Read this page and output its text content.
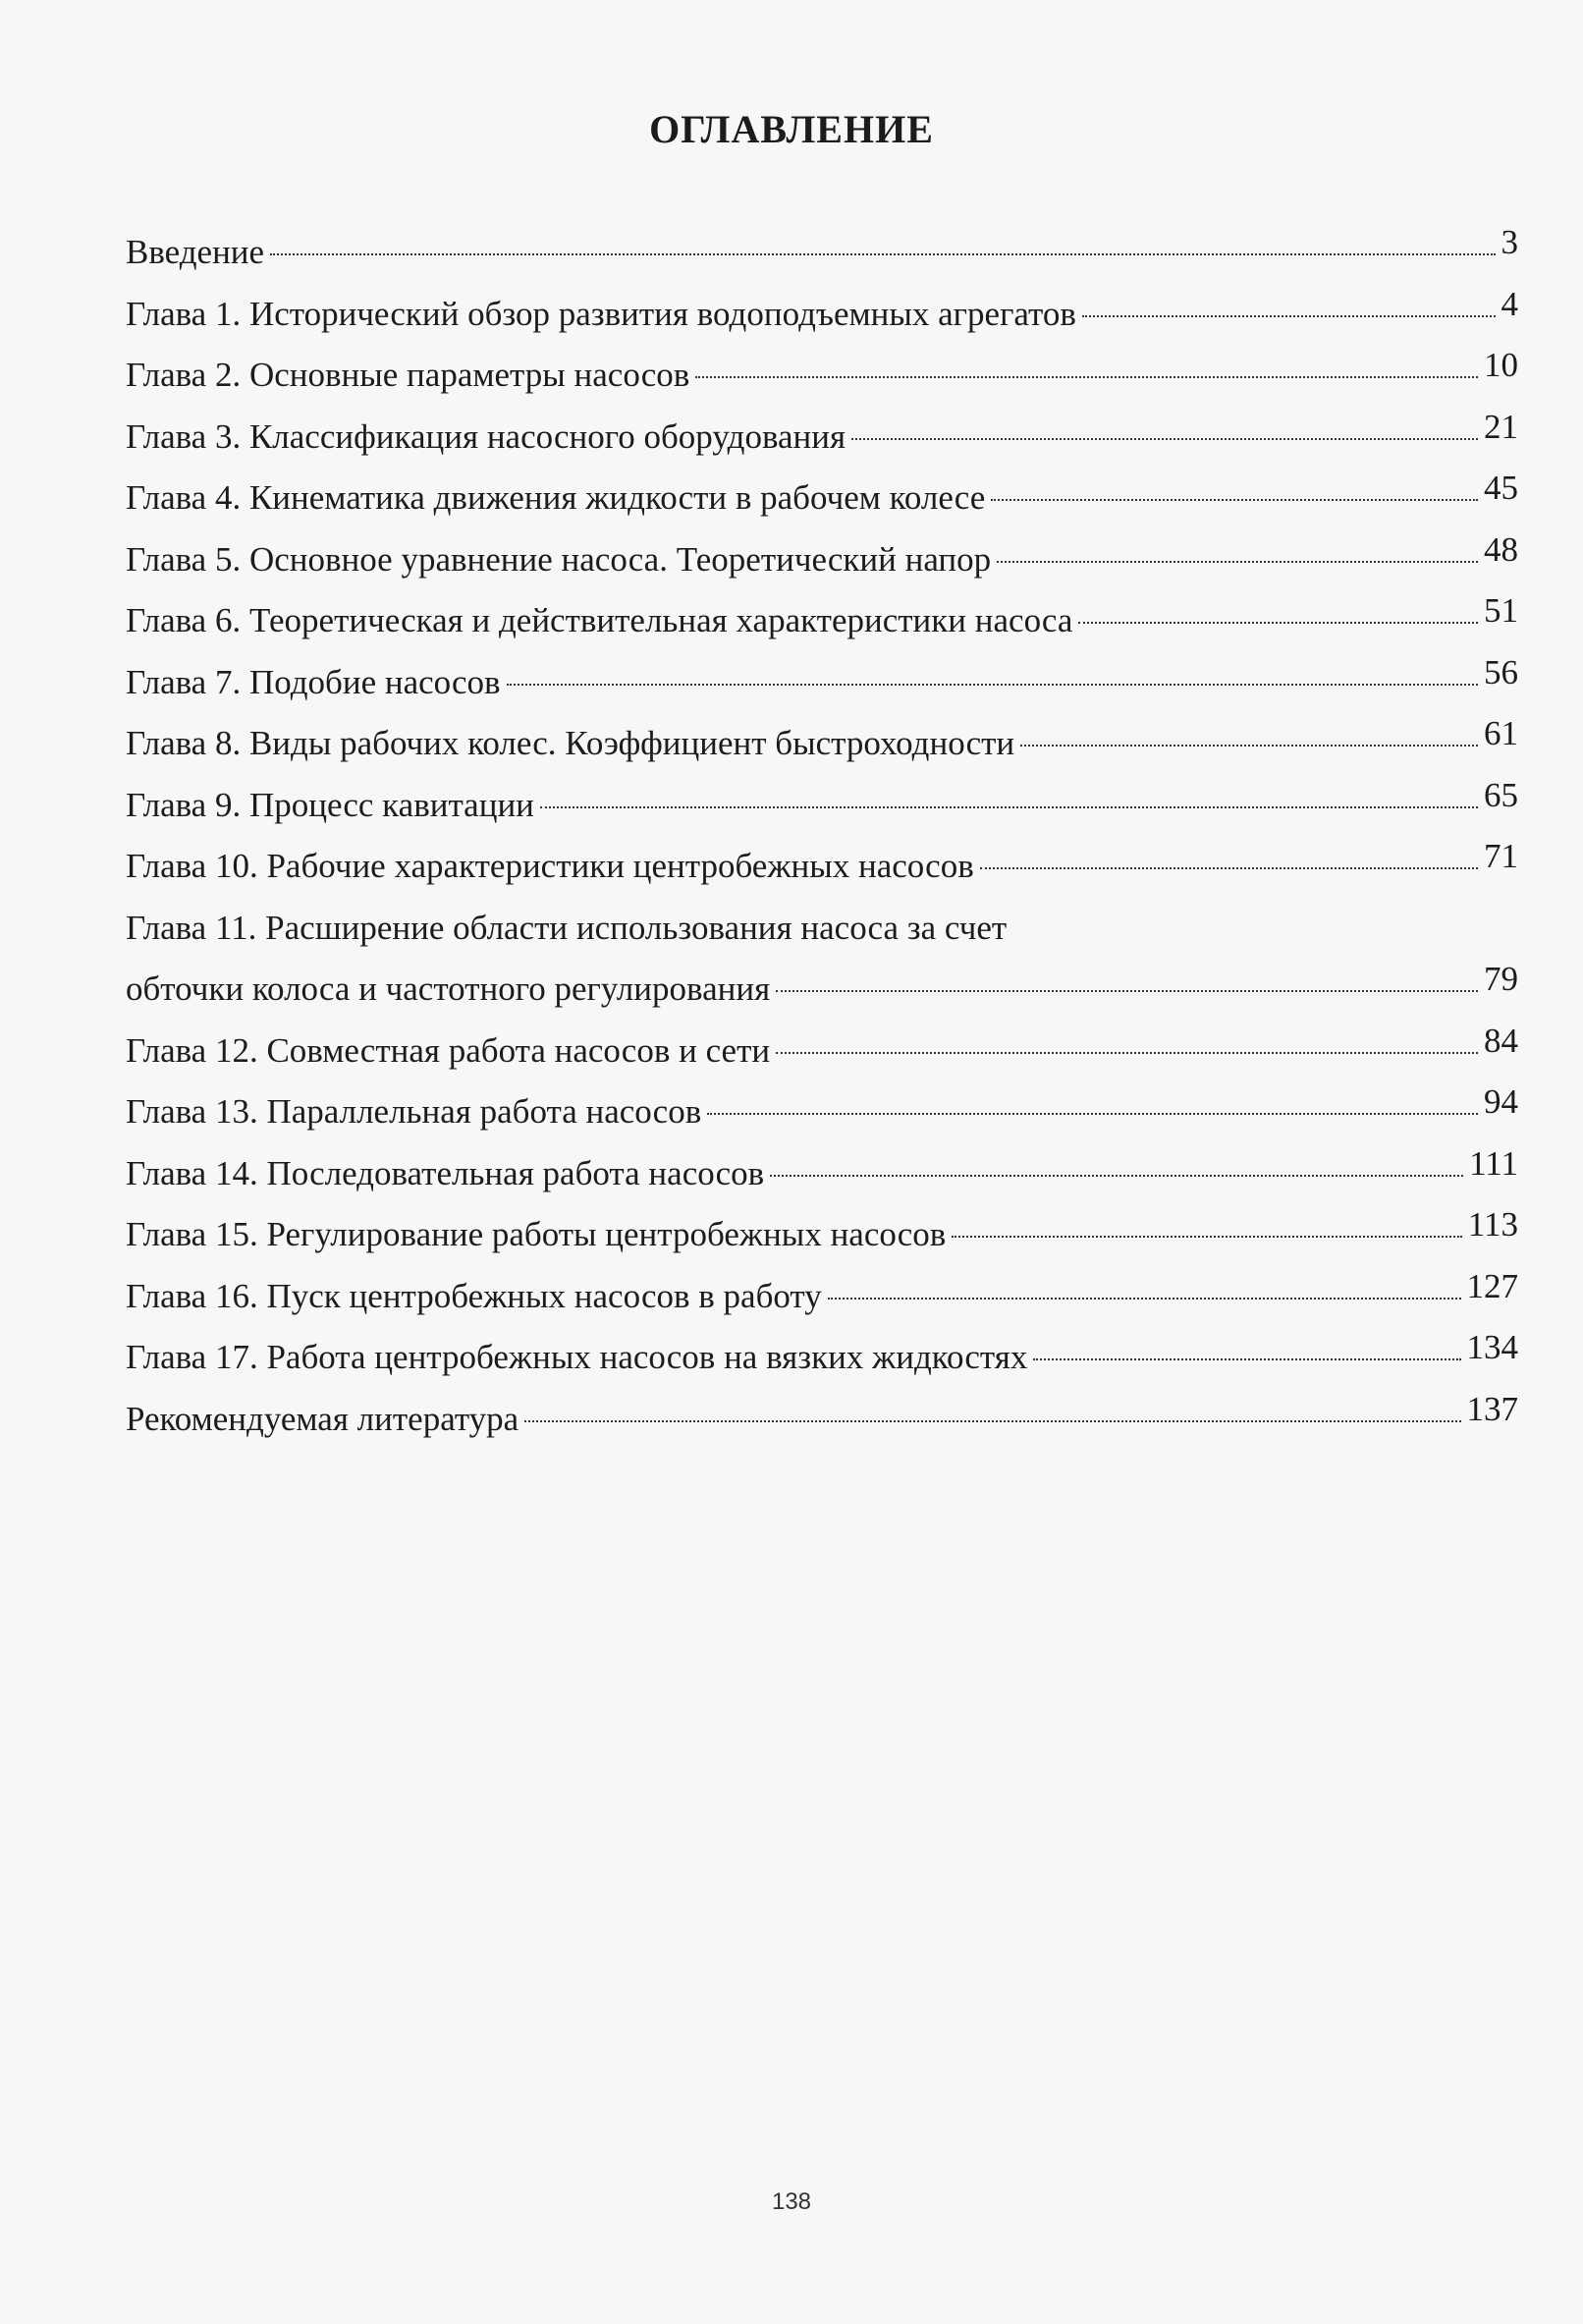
ОГЛАВЛЕНИЕ
Введение	3
Глава 1. Исторический обзор развития водоподъемных агрегатов	4
Глава 2. Основные параметры насосов	10
Глава 3. Классификация насосного оборудования	21
Глава 4. Кинематика движения жидкости в рабочем колесе	45
Глава 5. Основное уравнение насоса. Теоретический напор	48
Глава 6. Теоретическая и действительная характеристики насоса	51
Глава 7. Подобие насосов	56
Глава 8. Виды рабочих колес. Коэффициент быстроходности	61
Глава 9. Процесс кавитации	65
Глава 10. Рабочие характеристики центробежных насосов	71
Глава 11. Расширение области использования насоса за счет
обточки колоса и частотного регулирования	79
Глава 12. Совместная работа насосов и сети	84
Глава 13. Параллельная работа насосов	94
Глава 14. Последовательная работа насосов	111
Глава 15. Регулирование работы центробежных насосов	113
Глава 16. Пуск центробежных насосов в работу	127
Глава 17. Работа центробежных насосов на вязких жидкостях	134
Рекомендуемая литература	137

138
